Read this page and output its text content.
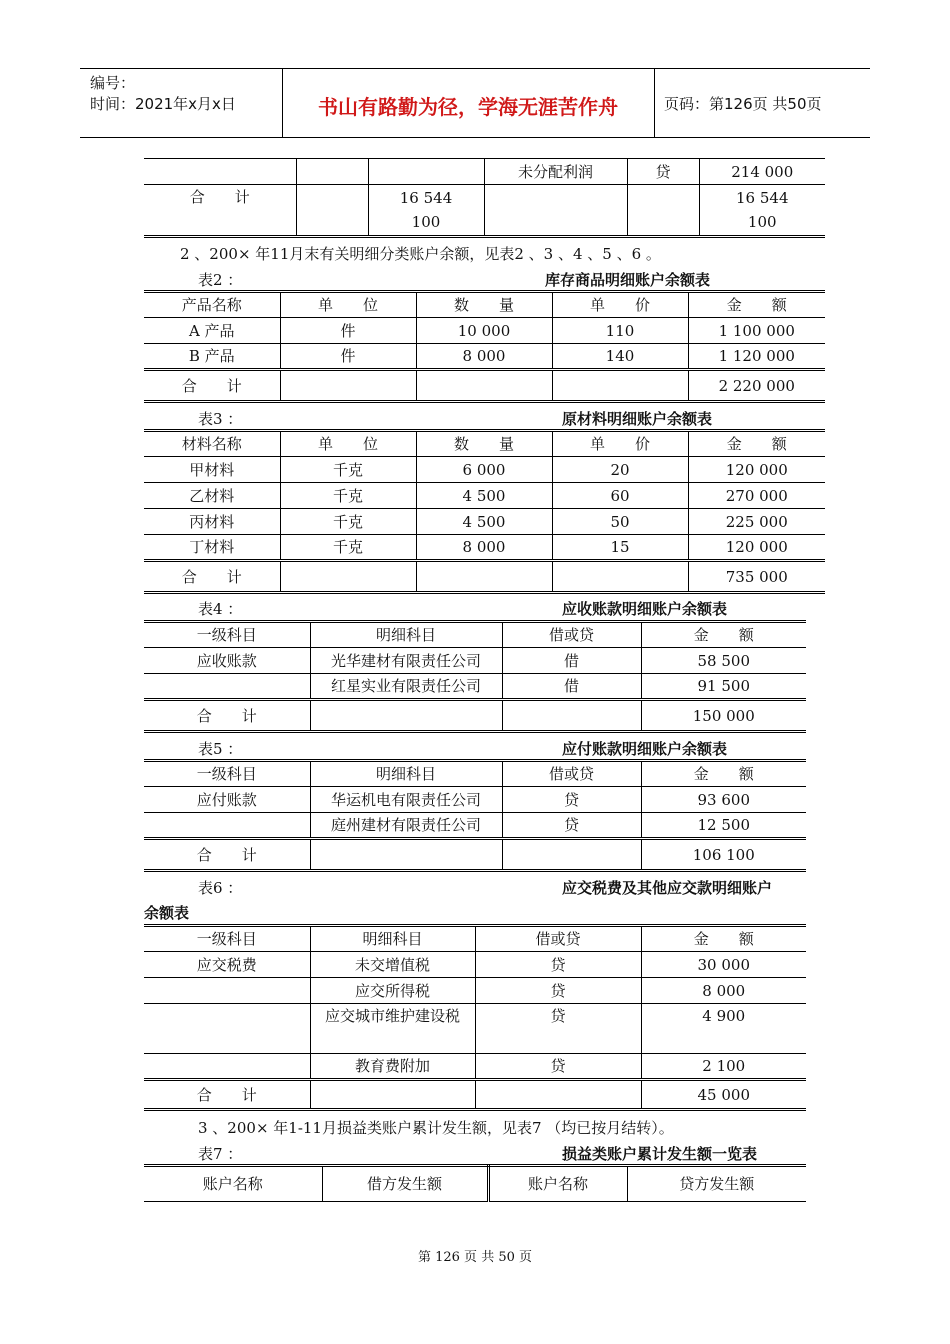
编号：
时间：2021年x月x日	书山有路勤为径，学海无涯苦作舟	页码：第126页 共50页
			未分配利润	贷	214 000
合　　计		16 544 100			16 544 100
2 、200× 年11月末有关明细分类账户余额，见表2 、3 、4 、5 、6 。
表2 ：	库存商品明细账户余额表
产品名称	单　　位	数　　量	单　　价	金　　额
A 产品	件	10 000	110	1 100 000
B 产品	件	8 000	140	1 120 000
合　　计				2 220 000
表3 ：	原材料明细账户余额表
材料名称	单　　位	数　　量	单　　价	金　　额
甲材料	千克	6 000	20	120 000
乙材料	千克	4 500	60	270 000
丙材料	千克	4 500	50	225 000
丁材料	千克	8 000	15	120 000
合　　计				735 000
表4 ：	应收账款明细账户余额表
一级科目	明细科目	借或贷	金　　额
应收账款	光华建材有限责任公司	借	58 500
	红星实业有限责任公司	借	91 500
合　　计			150 000
表5 ：	应付账款明细账户余额表
一级科目	明细科目	借或贷	金　　额
应付账款	华运机电有限责任公司	贷	93 600
	庭州建材有限责任公司	贷	12 500
合　　计			106 100
表6 ：	应交税费及其他应交款明细账户
余额表
一级科目	明细科目	借或贷	金　　额
应交税费	未交增值税	贷	30 000
	应交所得税	贷	8 000
	应交城市维护建设税	贷	4 900
	教育费附加	贷	2 100
合　　计			45 000
3 、200× 年1-11月损益类账户累计发生额，见表7 （均已按月结转）。
表7 ：	损益类账户累计发生额一览表
账户名称	借方发生额	账户名称	贷方发生额
第 126 页 共 50 页
